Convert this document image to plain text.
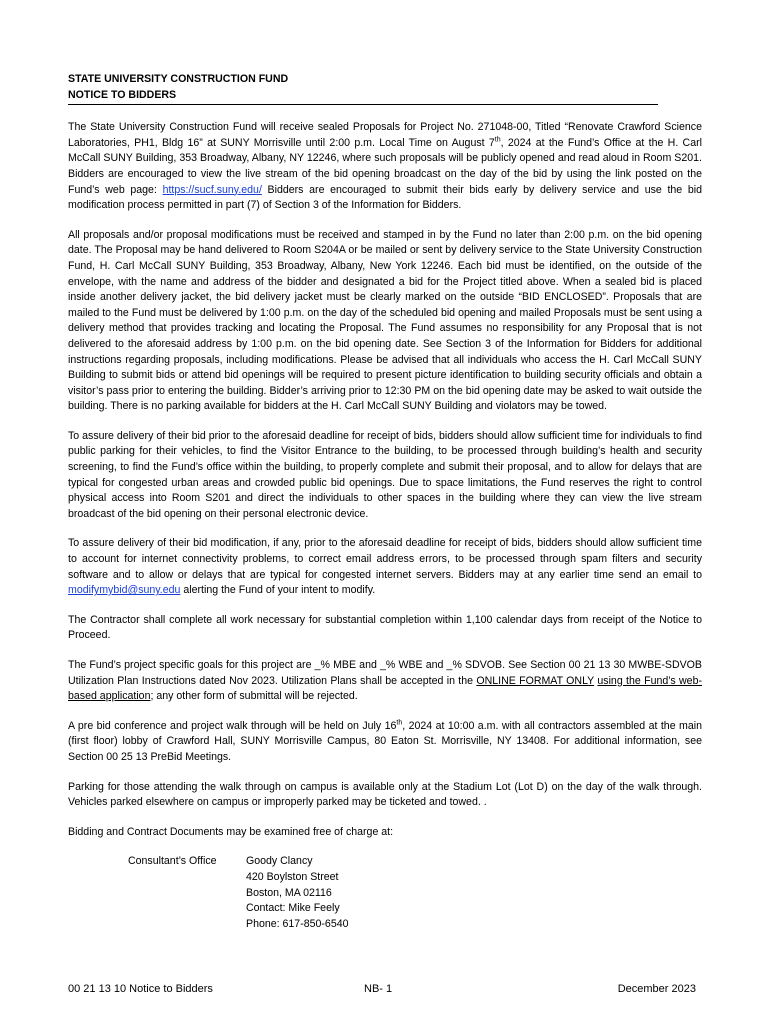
STATE UNIVERSITY CONSTRUCTION FUND
NOTICE TO BIDDERS

The State University Construction Fund will receive sealed Proposals for Project No. 271048-00, Titled “Renovate Crawford Science Laboratories, PH1, Bldg 16” at SUNY Morrisville until 2:00 p.m. Local Time on August 7th, 2024 at the Fund’s Office at the H. Carl McCall SUNY Building, 353 Broadway, Albany, NY 12246, where such proposals will be publicly opened and read aloud in Room S201. Bidders are encouraged to view the live stream of the bid opening broadcast on the day of the bid by using the link posted on the Fund’s web page: https://sucf.suny.edu/ Bidders are encouraged to submit their bids early by delivery service and use the bid modification process permitted in part (7) of Section 3 of the Information for Bidders.

All proposals and/or proposal modifications must be received and stamped in by the Fund no later than 2:00 p.m. on the bid opening date. The Proposal may be hand delivered to Room S204A or be mailed or sent by delivery service to the State University Construction Fund, H. Carl McCall SUNY Building, 353 Broadway, Albany, New York 12246. Each bid must be identified, on the outside of the envelope, with the name and address of the bidder and designated a bid for the Project titled above. When a sealed bid is placed inside another delivery jacket, the bid delivery jacket must be clearly marked on the outside “BID ENCLOSED”. Proposals that are mailed to the Fund must be delivered by 1:00 p.m. on the day of the scheduled bid opening and mailed Proposals must be sent using a delivery method that provides tracking and locating the Proposal. The Fund assumes no responsibility for any Proposal that is not delivered to the aforesaid address by 1:00 p.m. on the bid opening date. See Section 3 of the Information for Bidders for additional instructions regarding proposals, including modifications. Please be advised that all individuals who access the H. Carl McCall SUNY Building to submit bids or attend bid openings will be required to present picture identification to building security officials and obtain a visitor’s pass prior to entering the building. Bidder’s arriving prior to 12:30 PM on the bid opening date may be asked to wait outside the building. There is no parking available for bidders at the H. Carl McCall SUNY Building and violators may be towed.

To assure delivery of their bid prior to the aforesaid deadline for receipt of bids, bidders should allow sufficient time for individuals to find public parking for their vehicles, to find the Visitor Entrance to the building, to be processed through building’s health and security screening, to find the Fund’s office within the building, to properly complete and submit their proposal, and to allow for delays that are typical for congested urban areas and crowded public bid openings. Due to space limitations, the Fund reserves the right to control physical access into Room S201 and direct the individuals to other spaces in the building where they can view the live stream broadcast of the bid opening on their personal electronic device.

To assure delivery of their bid modification, if any, prior to the aforesaid deadline for receipt of bids, bidders should allow sufficient time to account for internet connectivity problems, to correct email address errors, to be processed through spam filters and security software and to allow or delays that are typical for congested internet servers. Bidders may at any earlier time send an email to modifymybid@suny.edu alerting the Fund of your intent to modify.

The Contractor shall complete all work necessary for substantial completion within 1,100 calendar days from receipt of the Notice to Proceed.

The Fund’s project specific goals for this project are _% MBE and _% WBE and _% SDVOB. See Section 00 21 13 30 MWBE-SDVOB Utilization Plan Instructions dated Nov 2023. Utilization Plans shall be accepted in the ONLINE FORMAT ONLY using the Fund’s web-based application; any other form of submittal will be rejected.

A pre bid conference and project walk through will be held on July 16th, 2024 at 10:00 a.m. with all contractors assembled at the main (first floor) lobby of Crawford Hall, SUNY Morrisville Campus, 80 Eaton St. Morrisville, NY 13408. For additional information, see Section 00 25 13 PreBid Meetings.

Parking for those attending the walk through on campus is available only at the Stadium Lot (Lot D) on the day of the walk through. Vehicles parked elsewhere on campus or improperly parked may be ticketed and towed. .

Bidding and Contract Documents may be examined free of charge at:

Consultant’s Office	Goody Clancy
420 Boylston Street
Boston, MA 02116
Contact: Mike Feely
Phone: 617-850-6540
00 21 13 10 Notice to Bidders	NB- 1	December 2023
